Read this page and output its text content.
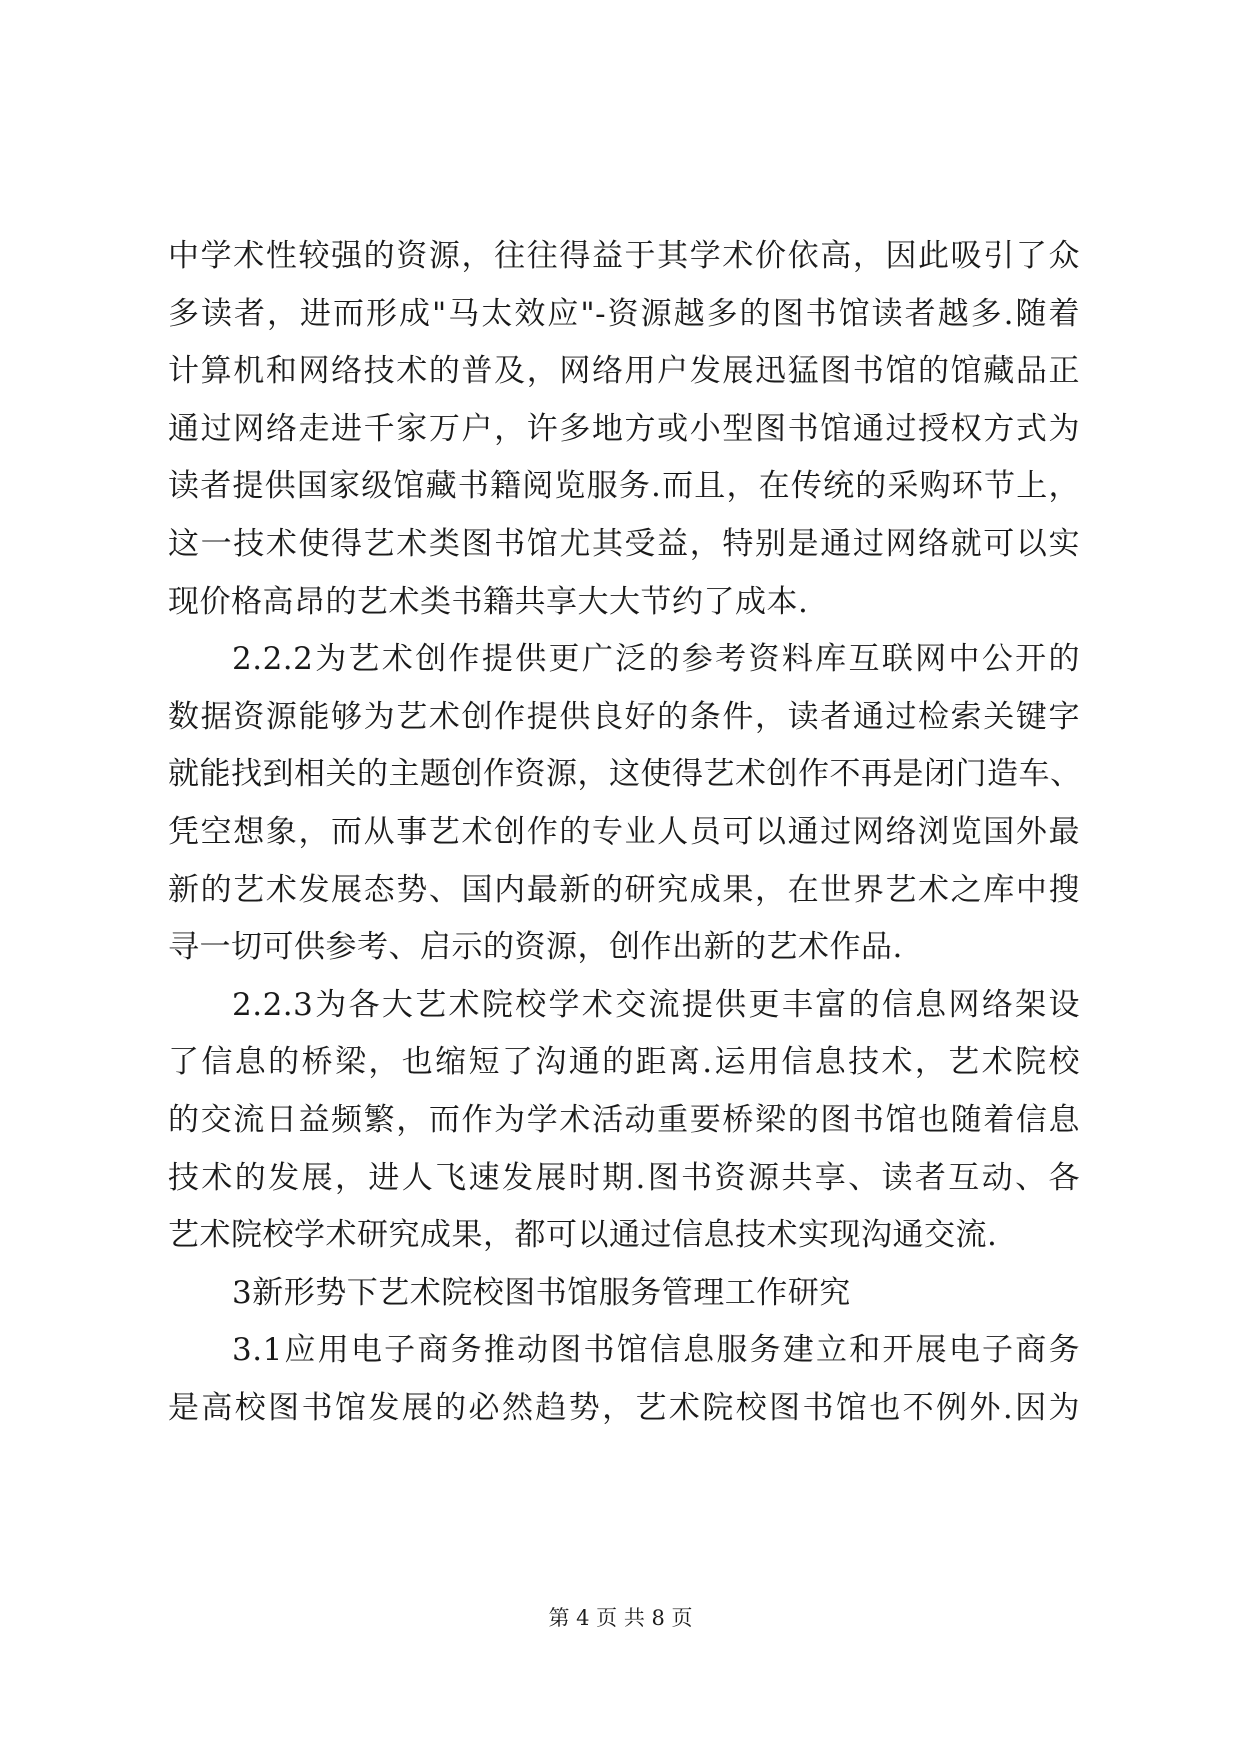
中学术性较强的资源，往往得益于其学术价依高，因此吸引了众
多读者，进而形成"马太效应"-资源越多的图书馆读者越多.随着
计算机和网络技术的普及，网络用户发展迅猛图书馆的馆藏品正
通过网络走进千家万户，许多地方或小型图书馆通过授权方式为
读者提供国家级馆藏书籍阅览服务.而且，在传统的采购环节上，
这一技术使得艺术类图书馆尤其受益，特别是通过网络就可以实
现价格高昂的艺术类书籍共享大大节约了成本.
2.2.2为艺术创作提供更广泛的参考资料库互联网中公开的
数据资源能够为艺术创作提供良好的条件，读者通过检索关键字
就能找到相关的主题创作资源，这使得艺术创作不再是闭门造车、
凭空想象，而从事艺术创作的专业人员可以通过网络浏览国外最
新的艺术发展态势、国内最新的研究成果，在世界艺术之库中搜
寻一切可供参考、启示的资源，创作出新的艺术作品.
2.2.3为各大艺术院校学术交流提供更丰富的信息网络架设
了信息的桥梁，也缩短了沟通的距离.运用信息技术，艺术院校
的交流日益频繁，而作为学术活动重要桥梁的图书馆也随着信息
技术的发展，进人飞速发展时期.图书资源共享、读者互动、各
艺术院校学术研究成果，都可以通过信息技术实现沟通交流.
3新形势下艺术院校图书馆服务管理工作研究
3.1应用电子商务推动图书馆信息服务建立和开展电子商务
是高校图书馆发展的必然趋势，艺术院校图书馆也不例外.因为
第 4 页 共 8 页
